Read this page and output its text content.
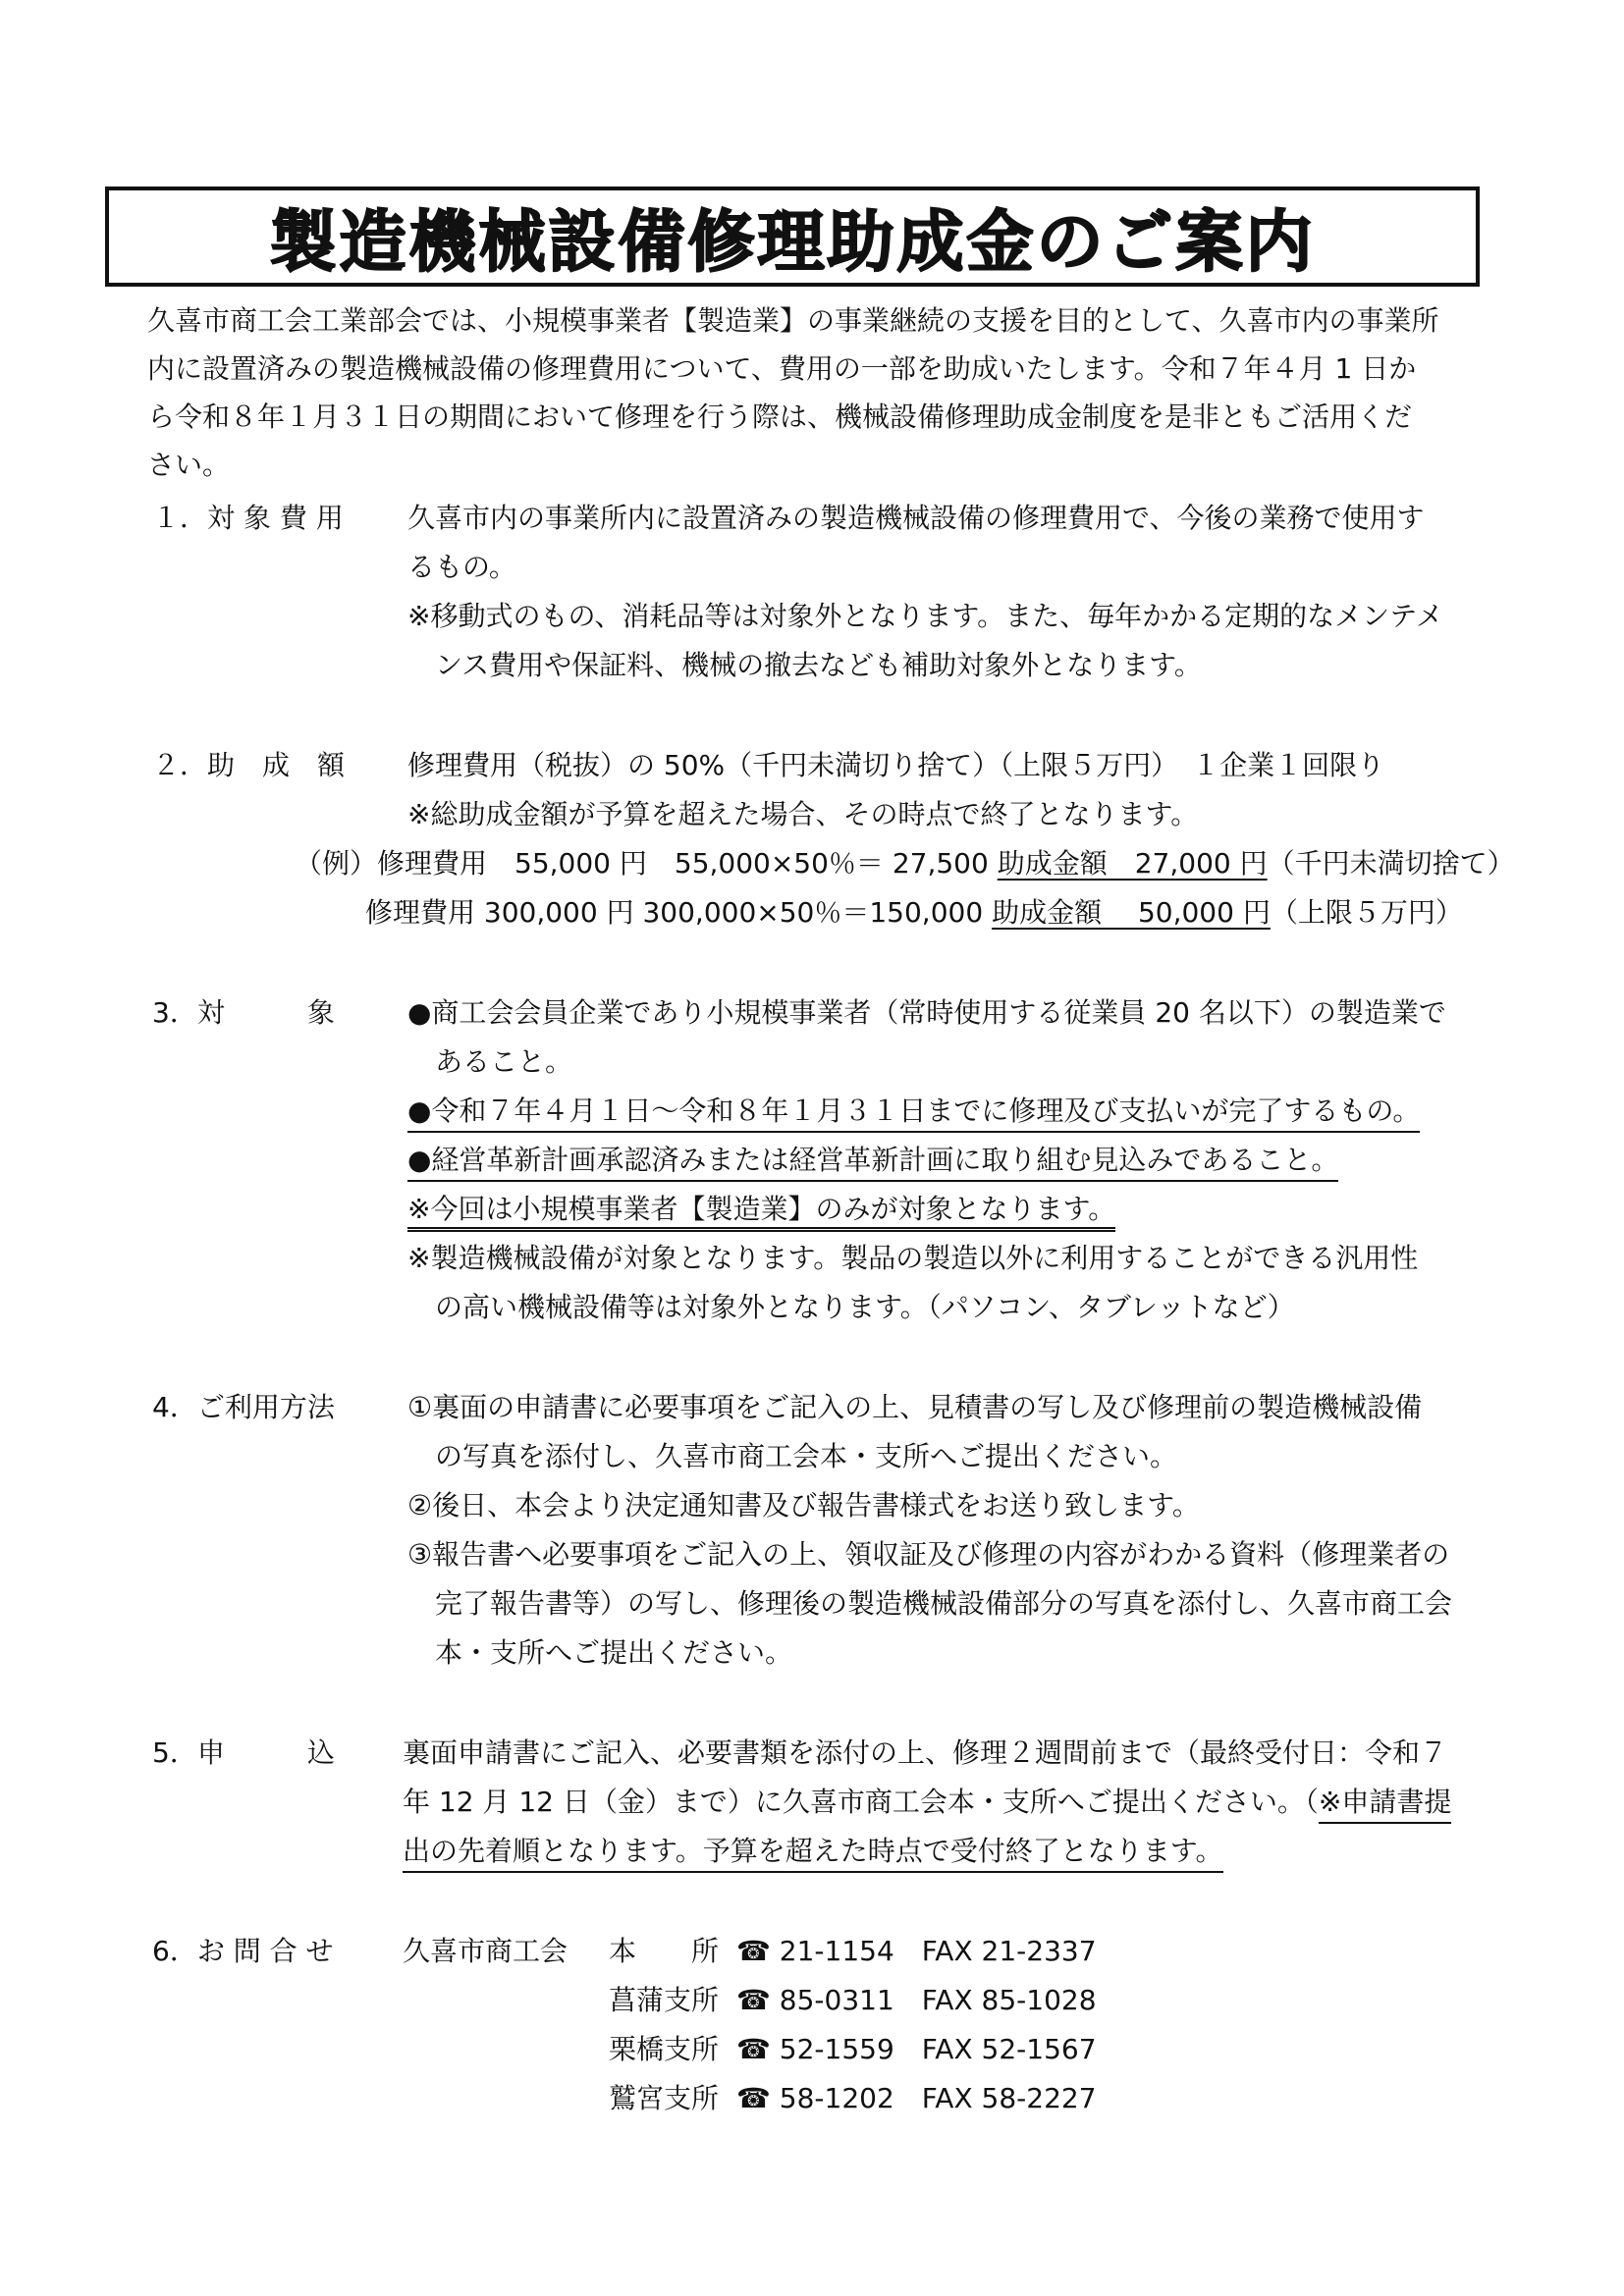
製造機械設備修理助成金のご案内

久喜市商工会工業部会では、小規模事業者【製造業】の事業継続の支援を目的として、久喜市内の事業所

内に設置済みの製造機械設備の修理費用について、費用の一部を助成いたします。令和７年４月 1 日か

ら令和８年１月３１日の期間において修理を行う際は、機械設備修理助成金制度を是非ともご活用くだ

さい。

１．対 象 費 用 久喜市内の事業所内に設置済みの製造機械設備の修理費用で、今後の業務で使用す
るもの。
※移動式のもの、消耗品等は対象外となります。また、毎年かかる定期的なメンテメ
ンス費用や保証料、機械の撤去なども補助対象外となります。
２．助　成　額 修理費用（税抜）の 50%（千円未満切り捨て）（上限５万円）　１企業１回限り
※総助成金額が予算を超えた場合、その時点で終了となります。
（例）修理費用　55,000 円　55,000×50％＝ 27,500 助成金額　27,000 円（千円未満切捨て）
修理費用 300,000 円 300,000×50％＝150,000 助成金額　 50,000 円（上限５万円）
3．対　　　象	●商工会会員企業であり小規模事業者（常時使用する従業員 20 名以下）の製造業で
あること。
●令和７年４月１日～令和８年１月３１日までに修理及び支払いが完了するもの。
●経営革新計画承認済みまたは経営革新計画に取り組む見込みであること。
※今回は小規模事業者【製造業】のみが対象となります。
※製造機械設備が対象となります。製品の製造以外に利用することができる汎用性
の高い機械設備等は対象外となります。（パソコン、タブレットなど）
4．ご利用方法	①裏面の申請書に必要事項をご記入の上、見積書の写し及び修理前の製造機械設備
の写真を添付し、久喜市商工会本・支所へご提出ください。
②後日、本会より決定通知書及び報告書様式をお送り致します。
③報告書へ必要事項をご記入の上、領収証及び修理の内容がわかる資料（修理業者の
完了報告書等）の写し、修理後の製造機械設備部分の写真を添付し、久喜市商工会
本・支所へご提出ください。
5．申　　　込 裏面申請書にご記入、必要書類を添付の上、修理２週間前まで（最終受付日：令和７
年 12 月 12 日（金）まで）に久喜市商工会本・支所へご提出ください。（※申請書提
出の先着順となります。予算を超えた時点で受付終了となります。
6．お 問 合 せ	久喜市商工会 本　　所 ☎ 21-1154　FAX 21-2337
菖蒲支所 ☎ 85-0311　FAX 85-1028
栗橋支所 ☎ 52-1559　FAX 52-1567
鷲宮支所 ☎ 58-1202　FAX 58-2227
